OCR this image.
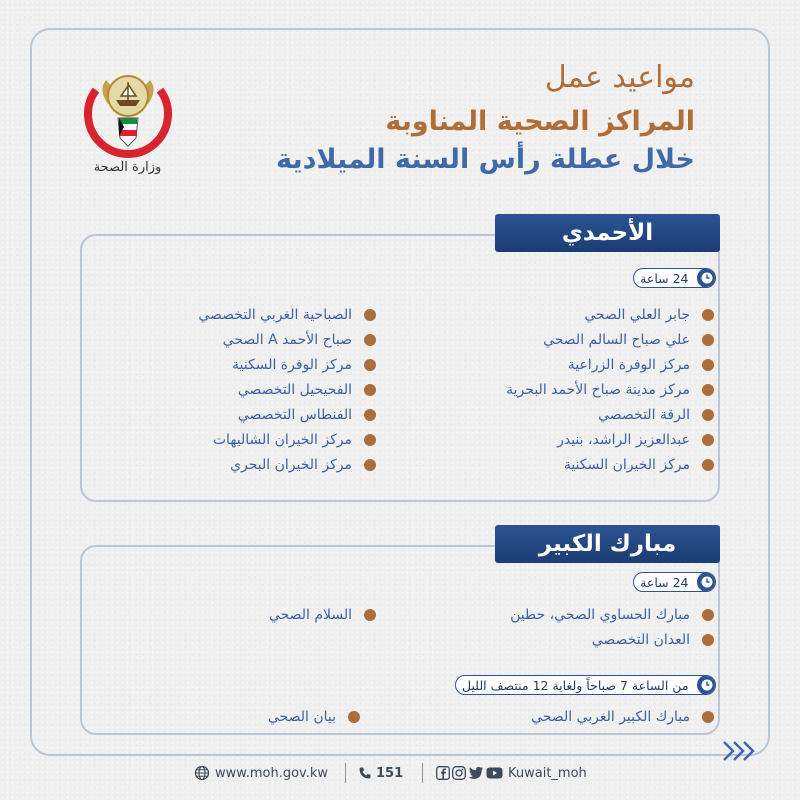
وزارة الصحة
مواعيد عمل
المراكز الصحية المناوبة
خلال عطلة رأس السنة الميلادية
الأحمدي
24 ساعة
جابر العلي الصحي
علي صباح السالم الصحي
مركز الوفرة الزراعية
مركز مدينة صباح الأحمد البحرية
الرقة التخصصي
عبدالعزيز الراشد، بنيدر
مركز الخيران السكنية
الصباحية الغربي التخصصي
صباح الأحمد A الصحي
مركز الوفرة السكنية
الفحيحيل التخصصي
الفنطاس التخصصي
مركز الخيران الشاليهات
مركز الخيران البحري
مبارك الكبير
24 ساعة
مبارك الحساوي الصحي، حطين
العدان التخصصي
السلام الصحي
من الساعة 7 صباحاً ولغاية 12 منتصف الليل
مبارك الكبير الغربي الصحي
بيان الصحي
www.moh.gov.kw	151	Kuwait_moh
